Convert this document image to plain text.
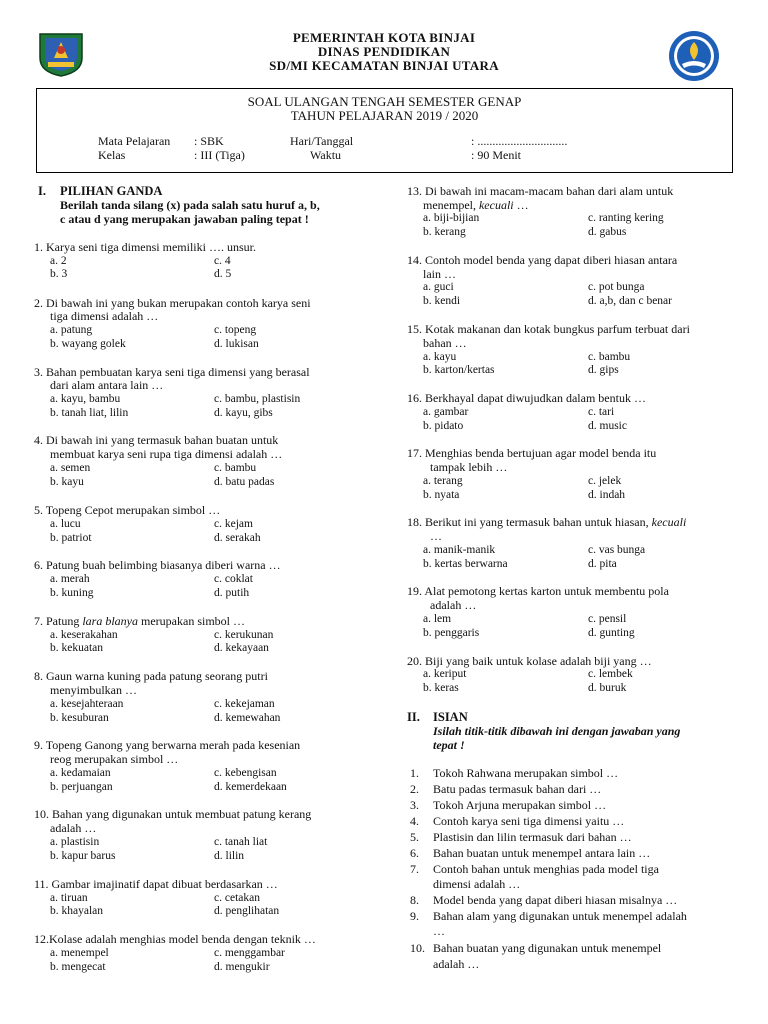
PEMERINTAH KOTA BINJAI
DINAS PENDIDIKAN
SD/MI KECAMATAN BINJAI UTARA
SOAL ULANGAN TENGAH SEMESTER GENAP
TAHUN PELAJARAN 2019 / 2020
Mata Pelajaran : SBK	Hari/Tanggal	: ..............................
Kelas	: III (Tiga)	Waktu	: 90 Menit
I. PILIHAN GANDA
Berilah tanda silang (x) pada salah satu huruf a, b,
c atau d yang merupakan jawaban paling tepat !
1. Karya seni tiga dimensi memiliki …. unsur.
a. 2	c. 4
b. 3	d. 5
2. Di bawah ini yang bukan merupakan contoh karya seni
tiga dimensi adalah …
a. patung	c. topeng
b. wayang golek	d. lukisan
3. Bahan pembuatan karya seni tiga dimensi yang berasal
dari alam antara lain …
a. kayu, bambu	c. bambu, plastisin
b. tanah liat, lilin	d. kayu, gibs
4. Di bawah ini yang termasuk bahan buatan untuk
membuat karya seni rupa tiga dimensi adalah …
a. semen	c. bambu
b. kayu	d. batu padas
5. Topeng Cepot merupakan simbol …
a. lucu	c. kejam
b. patriot	d. serakah
6. Patung buah belimbing biasanya diberi warna …
a. merah	c. coklat
b. kuning	d. putih
7. Patung lara blanya merupakan simbol …
a. keserakahan	c. kerukunan
b. kekuatan	d. kekayaan
8. Gaun warna kuning pada patung seorang putri
menyimbulkan …
a. kesejahteraan	c. kekejaman
b. kesuburan	d. kemewahan
9. Topeng Ganong yang berwarna merah pada kesenian
reog merupakan simbol …
a. kedamaian	c. kebengisan
b. perjuangan	d. kemerdekaan
10. Bahan yang digunakan untuk membuat patung kerang
adalah …
a. plastisin	c. tanah liat
b. kapur barus	d. lilin
11. Gambar imajinatif dapat dibuat berdasarkan …
a. tiruan	c. cetakan
b. khayalan	d. penglihatan
12.Kolase adalah menghias model benda dengan teknik …
a. menempel	c. menggambar
b. mengecat	d. mengukir
13. Di bawah ini macam-macam bahan dari alam untuk
menempel, kecuali …
a. biji-bijian	c. ranting kering
b. kerang	d. gabus
14. Contoh model benda yang dapat diberi hiasan antara
lain …
a. guci	c. pot bunga
b. kendi	d. a,b, dan c benar
15. Kotak makanan dan kotak bungkus parfum terbuat dari
bahan …
a. kayu	c. bambu
b. karton/kertas	d. gips
16. Berkhayal dapat diwujudkan dalam bentuk …
a. gambar	c. tari
b. pidato	d. music
17. Menghias benda bertujuan agar model benda itu
tampak lebih …
a. terang	c. jelek
b. nyata	d. indah
18. Berikut ini yang termasuk bahan untuk hiasan, kecuali
…
a. manik-manik	c. vas bunga
b. kertas berwarna	d. pita
19. Alat pemotong kertas karton untuk membentu pola
adalah …
a. lem	c. pensil
b. penggaris	d. gunting
20. Biji yang baik untuk kolase adalah biji yang …
a. keriput	c. lembek
b. keras	d. buruk
II. ISIAN
Isilah titik-titik dibawah ini dengan jawaban yang
tepat !
1. Tokoh Rahwana merupakan simbol …
2. Batu padas termasuk bahan dari …
3. Tokoh Arjuna merupakan simbol …
4. Contoh karya seni tiga dimensi yaitu …
5. Plastisin dan lilin termasuk dari bahan …
6. Bahan buatan untuk menempel antara lain …
7. Contoh bahan untuk menghias pada model tiga
dimensi adalah …
8. Model benda yang dapat diberi hiasan misalnya …
9. Bahan alam yang digunakan untuk menempel adalah
…
10. Bahan buatan yang digunakan untuk menempel
adalah …
